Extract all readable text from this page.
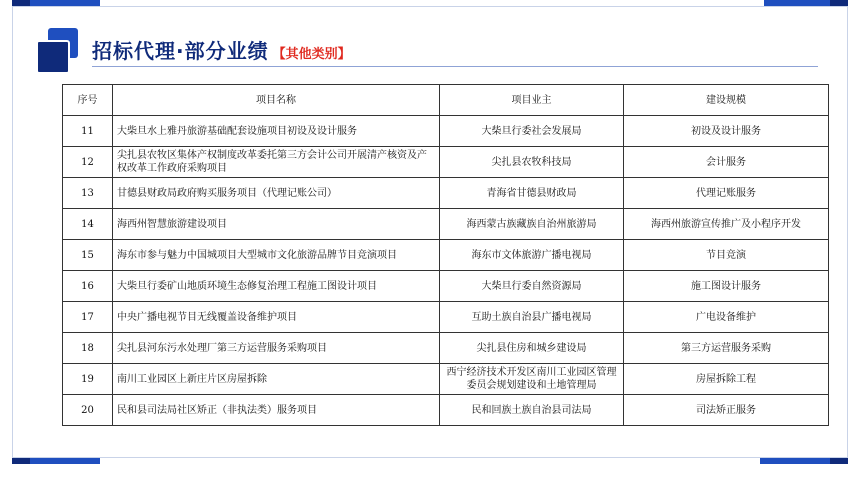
招标代理·部分业绩 【其他类别】
序号	项目名称	项目业主	建设规模
11	大柴旦水上雅丹旅游基础配套设施项目初设及设计服务	大柴旦行委社会发展局	初设及设计服务
12	尖扎县农牧区集体产权制度改革委托第三方会计公司开展清产核资及产权改革工作政府采购项目	尖扎县农牧科技局	会计服务
13	甘德县财政局政府购买服务项目（代理记账公司）	青海省甘德县财政局	代理记账服务
14	海西州智慧旅游建设项目	海西蒙古族藏族自治州旅游局	海西州旅游宣传推广及小程序开发
15	海东市参与魅力中国城项目大型城市文化旅游品牌节目竞演项目	海东市文体旅游广播电视局	节目竞演
16	大柴旦行委矿山地质环境生态修复治理工程施工图设计项目	大柴旦行委自然资源局	施工图设计服务
17	中央广播电视节目无线覆盖设备维护项目	互助土族自治县广播电视局	广电设备维护
18	尖扎县河东污水处理厂第三方运营服务采购项目	尖扎县住房和城乡建设局	第三方运营服务采购
19	南川工业园区上新庄片区房屋拆除	西宁经济技术开发区南川工业园区管理委员会规划建设和土地管理局	房屋拆除工程
20	民和县司法局社区矫正（非执法类）服务项目	民和回族土族自治县司法局	司法矫正服务
